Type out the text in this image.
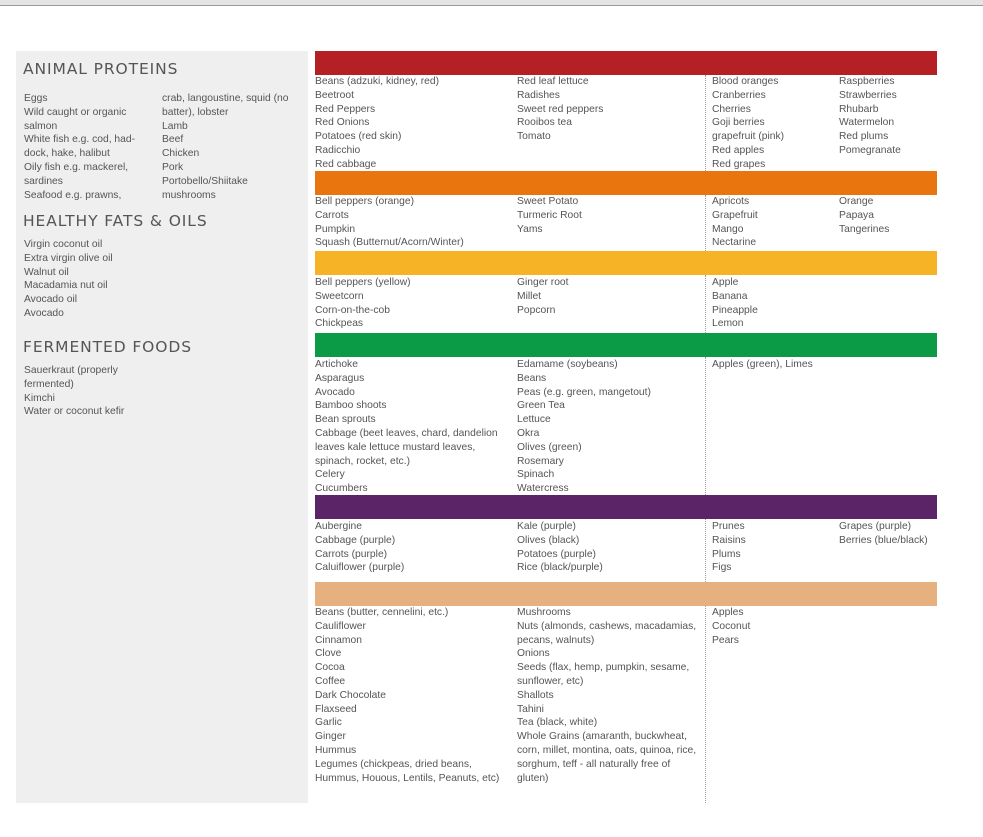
ANIMAL PROTEINS
Eggs
Wild caught or organic salmon
White fish e.g. cod, had-dock, hake, halibut
Oily fish e.g. mackerel, sardines
Seafood e.g. prawns,
crab, langoustine, squid (no batter), lobster
Lamb
Beef
Chicken
Pork
Portobello/Shiitake mushrooms
HEALTHY FATS & OILS
Virgin coconut oil
Extra virgin olive oil
Walnut oil
Macadamia nut oil
Avocado oil
Avocado
FERMENTED FOODS
Sauerkraut (properly fermented)
Kimchi
Water or coconut kefir
Beans (adzuki, kidney, red)
Beetroot
Red Peppers
Red Onions
Potatoes (red skin)
Radicchio
Red cabbage
Red leaf lettuce
Radishes
Sweet red peppers
Rooibos tea
Tomato
Blood oranges
Cranberries
Cherries
Goji berries
grapefruit (pink)
Red apples
Red grapes
Raspberries
Strawberries
Rhubarb
Watermelon
Red plums
Pomegranate
Bell peppers (orange)
Carrots
Pumpkin
Squash (Butternut/Acorn/Winter)
Sweet Potato
Turmeric Root
Yams
Apricots
Grapefruit
Mango
Nectarine
Orange
Papaya
Tangerines
Bell peppers (yellow)
Sweetcorn
Corn-on-the-cob
Chickpeas
Ginger root
Millet
Popcorn
Apple
Banana
Pineapple
Lemon
Artichoke
Asparagus
Avocado
Bamboo shoots
Bean sprouts
Cabbage (beet leaves, chard, dandelion leaves kale lettuce mustard leaves, spinach, rocket, etc.)
Celery
Cucumbers
Edamame (soybeans)
Beans
Peas (e.g. green, mangetout)
Green Tea
Lettuce
Okra
Olives (green)
Rosemary
Spinach
Watercress
Apples (green), Limes
Aubergine
Cabbage (purple)
Carrots (purple)
Caluiflower (purple)
Kale (purple)
Olives (black)
Potatoes (purple)
Rice (black/purple)
Prunes
Raisins
Plums
Figs
Grapes (purple)
Berries (blue/black)
Beans (butter, cennelini, etc.)
Cauliflower
Cinnamon
Clove
Cocoa
Coffee
Dark Chocolate
Flaxseed
Garlic
Ginger
Hummus
Legumes (chickpeas, dried beans, Hummus, Houous, Lentils, Peanuts, etc)
Mushrooms
Nuts (almonds, cashews, macadamias, pecans, walnuts)
Onions
Seeds (flax, hemp, pumpkin, sesame, sunflower, etc)
Shallots
Tahini
Tea (black, white)
Whole Grains (amaranth, buckwheat, corn, millet, montina, oats, quinoa, rice, sorghum, teff - all naturally free of gluten)
Apples
Coconut
Pears
